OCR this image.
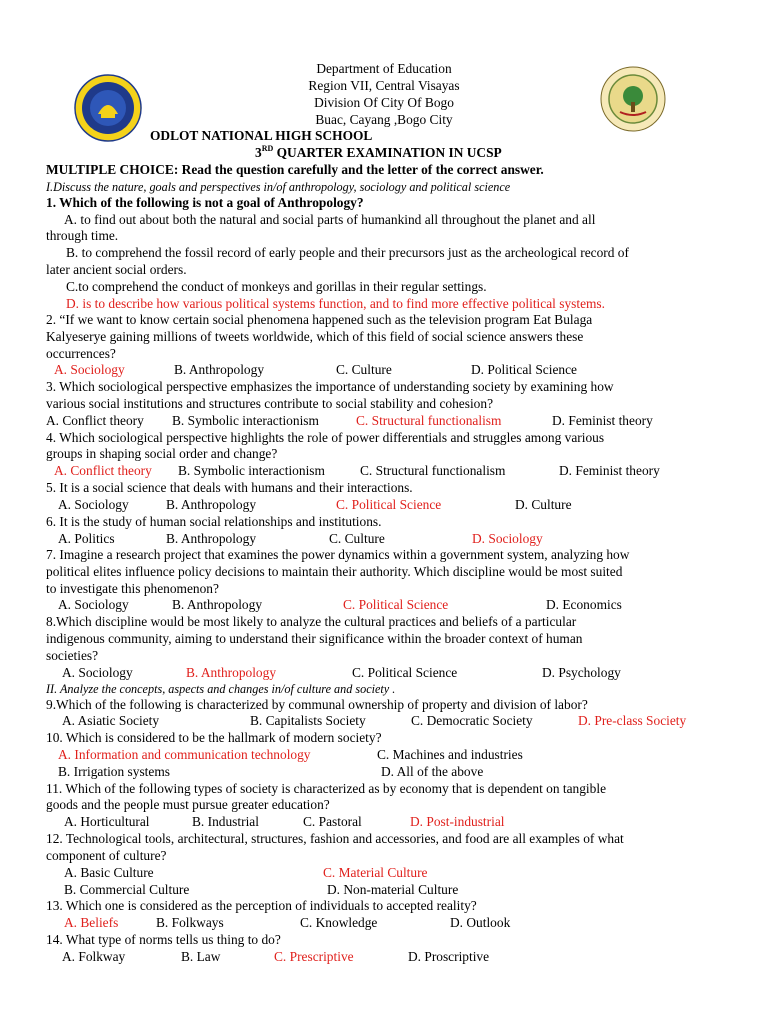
Department of Education
Region VII, Central Visayas
Division Of City Of Bogo
Buac, Cayang ,Bogo City
ODLOT NATIONAL HIGH SCHOOL
3RD QUARTER EXAMINATION IN UCSP
MULTIPLE CHOICE: Read the question carefully and the letter of the correct answer.
I.Discuss the nature, goals and perspectives in/of anthropology, sociology and political science
1. Which of the following is not a goal of Anthropology?
A. to find out about both the natural and social parts of humankind all throughout the planet and all
through time.
B. to comprehend the fossil record of early people and their precursors just as the archeological record of
later ancient social orders.
C.to comprehend the conduct of monkeys and gorillas in their regular settings.
D. is to describe how various political systems function, and to find more effective political systems.
2. “If we want to know certain social phenomena happened such as the television program Eat Bulaga
Kalyeserye gaining millions of tweets worldwide, which of this field of social science answers these
occurrences?
A. Sociology	B. Anthropology	C. Culture	D. Political Science
3. Which sociological perspective emphasizes the importance of understanding society by examining how
various social institutions and structures contribute to social stability and cohesion?
A. Conflict theory B. Symbolic interactionism	C. Structural functionalism	D. Feminist theory
4. Which sociological perspective highlights the role of power differentials and struggles among various
groups in shaping social order and change?
A. Conflict theory B. Symbolic interactionism	C. Structural functionalism	D. Feminist theory
5. It is a social science that deals with humans and their interactions.
A. Sociology	B. Anthropology	C. Political Science	D. Culture
6. It is the study of human social relationships and institutions.
A. Politics	B. Anthropology	C. Culture	D. Sociology
7. Imagine a research project that examines the power dynamics within a government system, analyzing how
political elites influence policy decisions to maintain their authority. Which discipline would be most suited
to investigate this phenomenon?
A. Sociology	B. Anthropology	C. Political Science	D. Economics
8.Which discipline would be most likely to analyze the cultural practices and beliefs of a particular
indigenous community, aiming to understand their significance within the broader context of human
societies?
A. Sociology	B. Anthropology	C. Political Science	D. Psychology
II. Analyze the concepts, aspects and changes in/of culture and society .
9.Which of the following is characterized by communal ownership of property and division of labor?
A. Asiatic Society	B. Capitalists Society	C. Democratic Society	D. Pre-class Society
10. Which is considered to be the hallmark of modern society?
A. Information and communication technology	C. Machines and industries
B. Irrigation systems	D. All of the above
11. Which of the following types of society is characterized as by economy that is dependent on tangible
goods and the people must pursue greater education?
A. Horticultural	B. Industrial	C. Pastoral	D. Post-industrial
12. Technological tools, architectural, structures, fashion and accessories, and food are all examples of what
component of culture?
A. Basic Culture	C. Material Culture
B. Commercial Culture	D. Non-material Culture
13. Which one is considered as the perception of individuals to accepted reality?
A. Beliefs	B. Folkways	C. Knowledge	D. Outlook
14. What type of norms tells us thing to do?
A. Folkway	B. Law	C. Prescriptive	D. Proscriptive
